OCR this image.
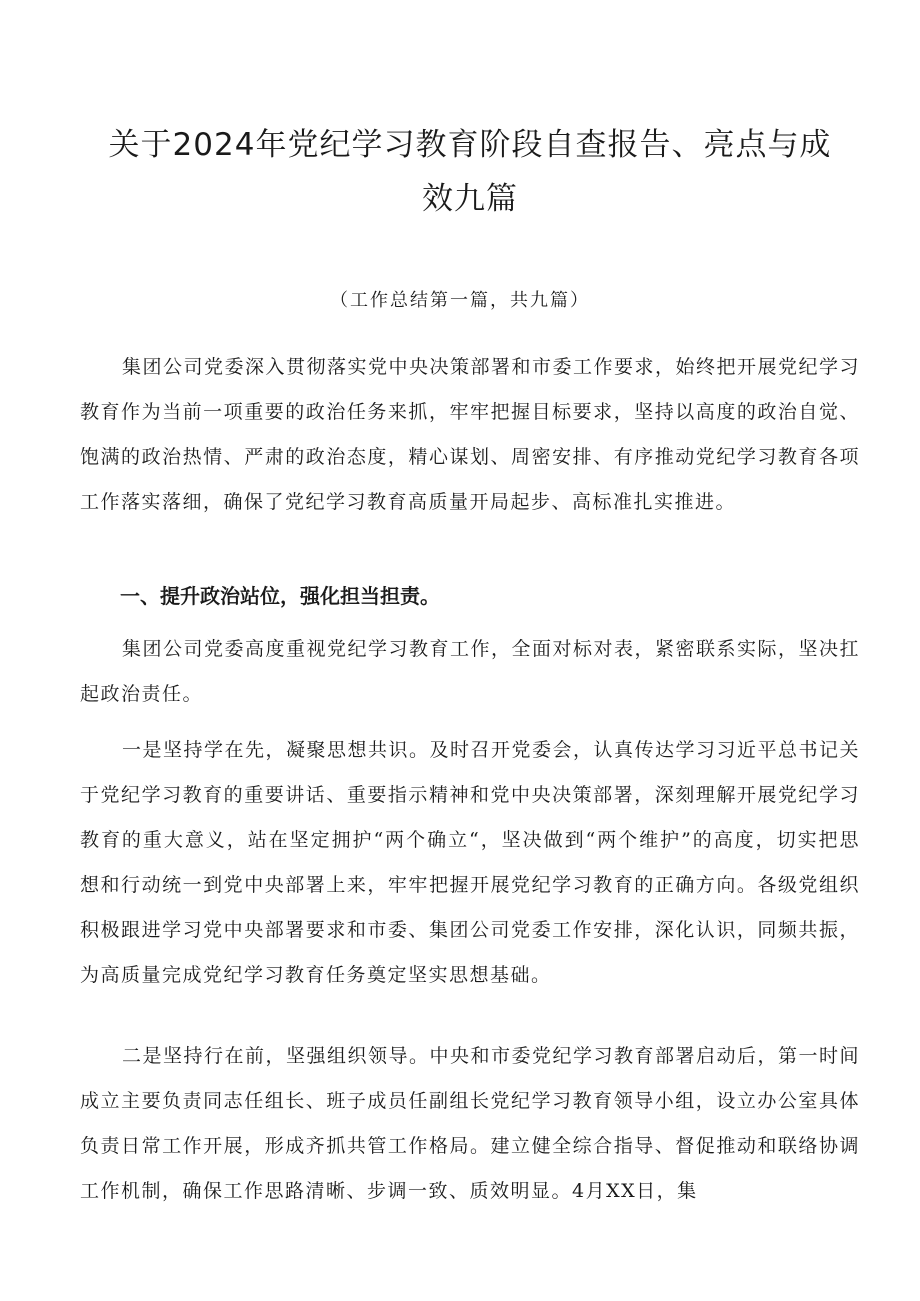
关于2024年党纪学习教育阶段自查报告、亮点与成效九篇
（工作总结第一篇，共九篇）

集团公司党委深入贯彻落实党中央决策部署和市委工作要求，始终把开展党纪学习教育作为当前一项重要的政治任务来抓，牢牢把握目标要求，坚持以高度的政治自觉、饱满的政治热情、严肃的政治态度，精心谋划、周密安排、有序推动党纪学习教育各项工作落实落细，确保了党纪学习教育高质量开局起步、高标准扎实推进。

一、提升政治站位，强化担当担责。

集团公司党委高度重视党纪学习教育工作，全面对标对表，紧密联系实际，坚决扛起政治责任。

一是坚持学在先，凝聚思想共识。及时召开党委会，认真传达学习习近平总书记关于党纪学习教育的重要讲话、重要指示精神和党中央决策部署，深刻理解开展党纪学习教育的重大意义，站在坚定拥护“两个确立“，坚决做到“两个维护”的高度，切实把思想和行动统一到党中央部署上来，牢牢把握开展党纪学习教育的正确方向。各级党组织积极跟进学习党中央部署要求和市委、集团公司党委工作安排，深化认识，同频共振，为高质量完成党纪学习教育任务奠定坚实思想基础。

二是坚持行在前，坚强组织领导。中央和市委党纪学习教育部署启动后，第一时间成立主要负责同志任组长、班子成员任副组长党纪学习教育领导小组，设立办公室具体负责日常工作开展，形成齐抓共管工作格局。建立健全综合指导、督促推动和联络协调工作机制，确保工作思路清晰、步调一致、质效明显。4月XX日，集
